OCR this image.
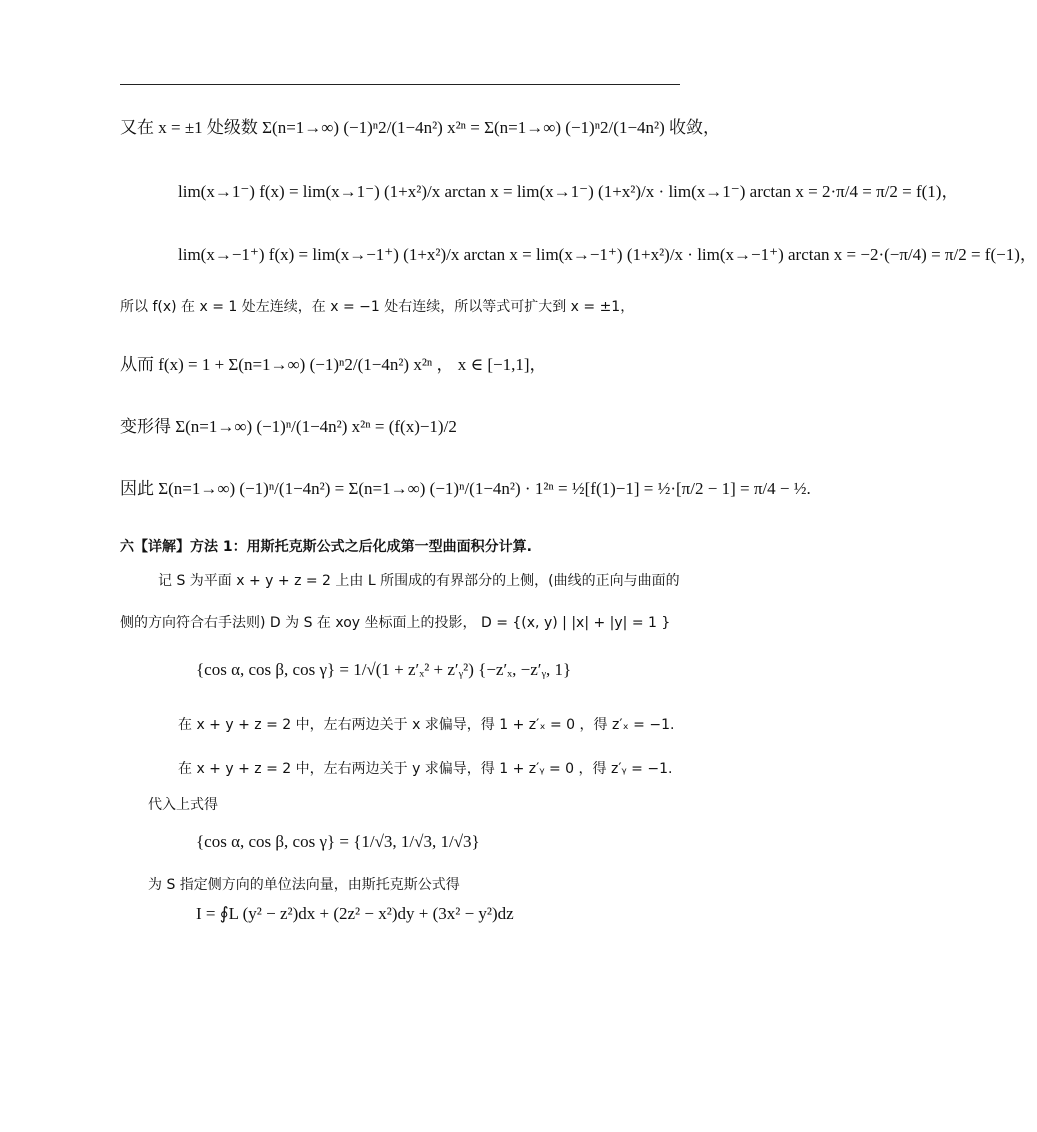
又在 x = ±1 处级数 Σ(n=1→∞) (−1)ⁿ2/(1−4n²) x²ⁿ = Σ(n=1→∞) (−1)ⁿ2/(1−4n²) 收敛，
lim(x→1⁻) f(x) = lim(x→1⁻) (1+x²)/x arctan x = lim(x→1⁻) (1+x²)/x · lim(x→1⁻) arctan x = 2·π/4 = π/2 = f(1)，
lim(x→−1⁺) f(x) = lim(x→−1⁺) (1+x²)/x arctan x = lim(x→−1⁺) (1+x²)/x · lim(x→−1⁺) arctan x = −2·(−π/4) = π/2 = f(−1)，
所以 f(x) 在 x = 1 处左连续，在 x = −1 处右连续，所以等式可扩大到 x = ±1，
从而 f(x) = 1 + Σ(n=1→∞) (−1)ⁿ2/(1−4n²) x²ⁿ ， x ∈ [−1,1]，
变形得 Σ(n=1→∞) (−1)ⁿ/(1−4n²) x²ⁿ = (f(x)−1)/2
因此 Σ(n=1→∞) (−1)ⁿ/(1−4n²) = Σ(n=1→∞) (−1)ⁿ/(1−4n²) · 1²ⁿ = ½[f(1)−1] = ½·[π/2 − 1] = π/4 − ½.
六【详解】方法 1：用斯托克斯公式之后化成第一型曲面积分计算.
记 S 为平面 x + y + z = 2 上由 L 所围成的有界部分的上侧，(曲线的正向与曲面的
侧的方向符合右手法则) D 为 S 在 xoy 坐标面上的投影， D = {(x, y) | |x| + |y| = 1 }
{cos α, cos β, cos γ} = 1/√(1 + z′ₓ² + z′ᵧ²) {−z′ₓ, −z′ᵧ, 1}
在 x + y + z = 2 中，左右两边关于 x 求偏导，得 1 + z′ₓ = 0 ，得 z′ₓ = −1.
在 x + y + z = 2 中，左右两边关于 y 求偏导，得 1 + z′ᵧ = 0 ，得 z′ᵧ = −1.
代入上式得
{cos α, cos β, cos γ} = {1/√3, 1/√3, 1/√3}
为 S 指定侧方向的单位法向量，由斯托克斯公式得
I = ∮L (y² − z²)dx + (2z² − x²)dy + (3x² − y²)dz
